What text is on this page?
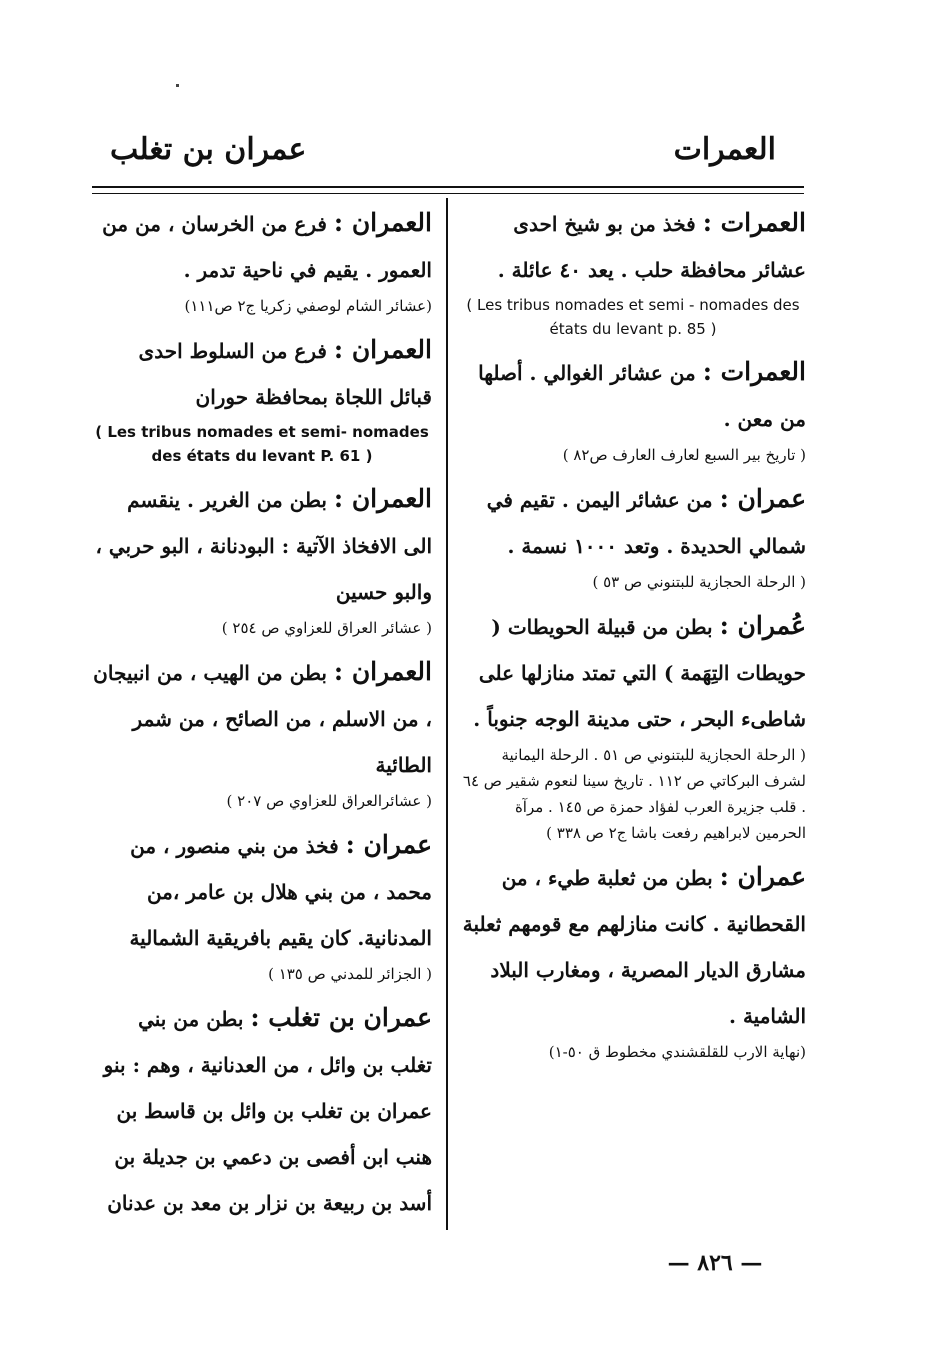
العمرات
عمران بن تغلب

العمرات : فخذ من بو شيخ احدى عشائر محافظة حلب . يعد ٤٠ عائلة .

( Les tribus nomades et semi - nomades des états du levant p. 85 )

العمرات : من عشائر الغوالي . أصلها من معن .

( تاريخ بير السبع لعارف العارف ص٨٢ )

عمران : من عشائر اليمن . تقيم في شمالي الحديدة . وتعد ١٠٠٠ نسمة .

( الرحلة الحجازية للبتنوني ص ٥٣ )

عُمران : بطن من قبيلة الحويطات ( حويطات التِهَمة ) التي تمتد منازلها على شاطىء البحر ، حتى مدينة الوجه جنوباً .

( الرحلة الحجازية للبتنوني ص ٥١ . الرحلة اليمانية لشرف البركاتي ص ١١٢ . تاريخ سينا لنعوم شقير ص ٦٤ . قلب جزيرة العرب لفؤاد حمزة ص ١٤٥ . مرآة الحرمين لابراهيم رفعت باشا ج٢ ص ٣٣٨ )

عمران : بطن من ثعلبة طيء ، من القحطانية . كانت منازلهم مع قومهم ثعلبة مشارق الديار المصرية ، ومغارب البلاد الشامية .

(نهاية الارب للقلقشندي مخطوط ق ٥٠-١)

العمران : فرع من الخرسان ، من من العمور . يقيم في ناحية تدمر .

(عشائر الشام لوصفي زكريا ج٢ ص١١١)

العمران : فرع من السلوط احدى قبائل اللجاة بمحافظة حوران

( Les tribus nomades et semi- nomades des états du levant P. 61 )

العمران : بطن من الغرير . ينقسم الى الافخاذ الآتية : البودنانة ، البو حربي ، والبو حسين

( عشائر العراق للعزاوي ص ٢٥٤ )

العمران : بطن من الهيب ، من انبيجان ، من الاسلم ، من الصائح ، من شمر الطائية

( عشائرالعراق للعزاوي ص ٢٠٧ )

عمران : فخذ من بني منصور ، من محمد ، من بني هلال بن عامر ،من المدنانية. كان يقيم بافريقية الشمالية

( الجزائر للمدني ص ١٣٥ )

عمران بن تغلب : بطن من بني تغلب بن وائل ، من العدنانية ، وهم : بنو عمران بن تغلب بن وائل بن قاسط بن هنب ابن أفصى بن دعمي بن جديلة بن أسد بن ربيعة بن نزار بن معد بن عدنان

— ٨٢٦ —
